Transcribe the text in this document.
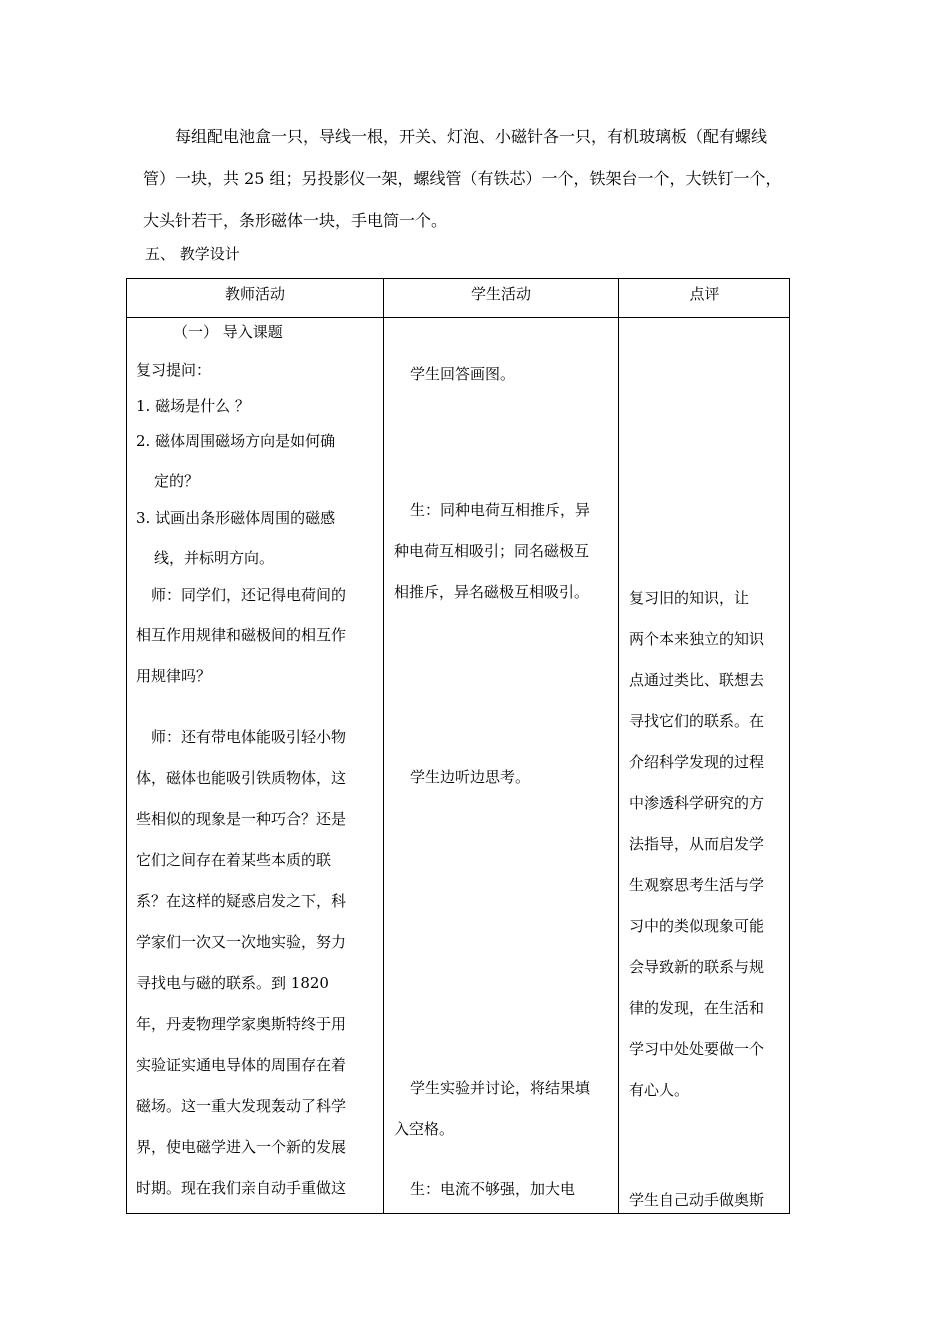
每组配电池盒一只，导线一根，开关、灯泡、小磁针各一只，有机玻璃板（配有螺线
管）一块，共 25 组；另投影仪一架，螺线管（有铁芯）一个，铁架台一个，大铁钉一个，
大头针若干，条形磁体一块，手电筒一个。
五、 教学设计
教师活动	学生活动	点评
（一） 导入课题
复习提问：
1. 磁场是什么 ？
2. 磁体周围磁场方向是如何确
定的？
3. 试画出条形磁体周围的磁感
线，并标明方向。
师：同学们，还记得电荷间的
相互作用规律和磁极间的相互作
用规律吗？
师：还有带电体能吸引轻小物
体，磁体也能吸引铁质物体，这
些相似的现象是一种巧合？还是
它们之间存在着某些本质的联
系？在这样的疑惑启发之下，科
学家们一次又一次地实验，努力
寻找电与磁的联系。到 1820
年，丹麦物理学家奥斯特终于用
实验证实通电导体的周围存在着
磁场。这一重大发现轰动了科学
界，使电磁学进入一个新的发展
时期。现在我们亲自动手重做这
学生回答画图。
生：同种电荷互相推斥，异
种电荷互相吸引；同名磁极互
相推斥，异名磁极互相吸引。
学生边听边思考。
学生实验并讨论，将结果填
入空格。
生：电流不够强，加大电
复习旧的知识，让
两个本来独立的知识
点通过类比、联想去
寻找它们的联系。在
介绍科学发现的过程
中渗透科学研究的方
法指导，从而启发学
生观察思考生活与学
习中的类似现象可能
会导致新的联系与规
律的发现，在生活和
学习中处处要做一个
有心人。
学生自己动手做奥斯
